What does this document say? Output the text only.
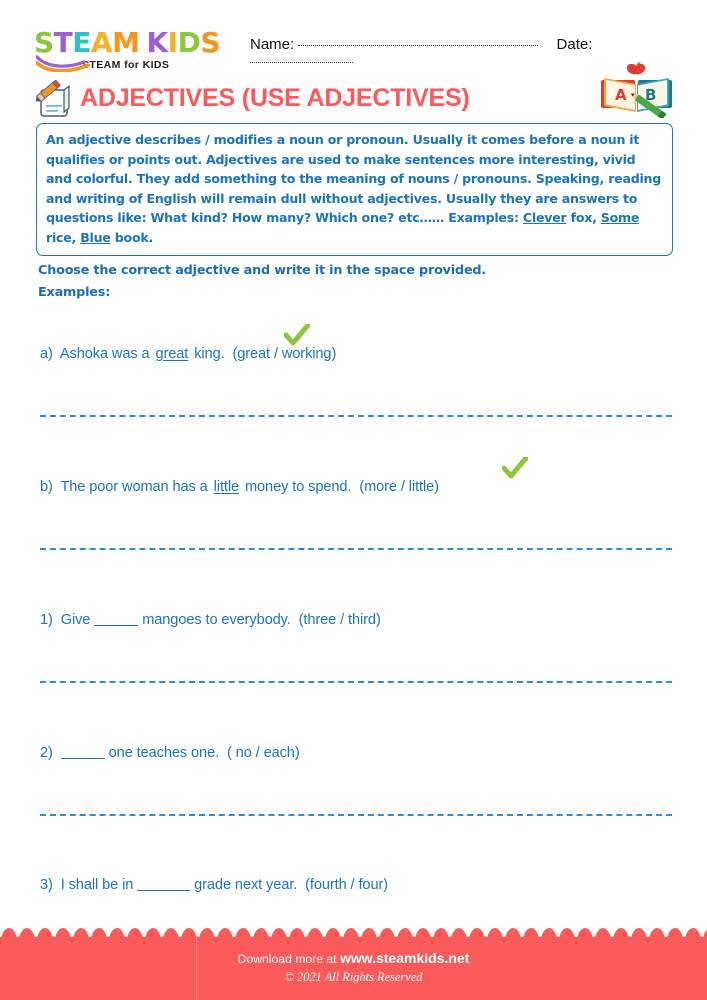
STEAM KIDS
STEAM for KIDS
Name:	Date:
ADJECTIVES (USE ADJECTIVES)	A B
An adjective describes / modifies a noun or pronoun. Usually it comes before a noun it qualifies or points out. Adjectives are used to make sentences more interesting, vivid and colorful. They add something to the meaning of nouns / pronouns. Speaking, reading and writing of English will remain dull without adjectives. Usually they are answers to questions like: What kind? How many? Which one? etc…… Examples: Clever fox, Some rice, Blue book.
Choose the correct adjective and write it in the space provided.
Examples:
a) Ashoka was a great king. (great / working)
b) The poor woman has a little money to spend. (more / little)
1) Give	mangoes to everybody. (three / third)
2)	one teaches one. ( no / each)
3) I shall be in	grade next year. (fourth / four)
Download more at www.steamkids.net
© 2021 All Rights Reserved
